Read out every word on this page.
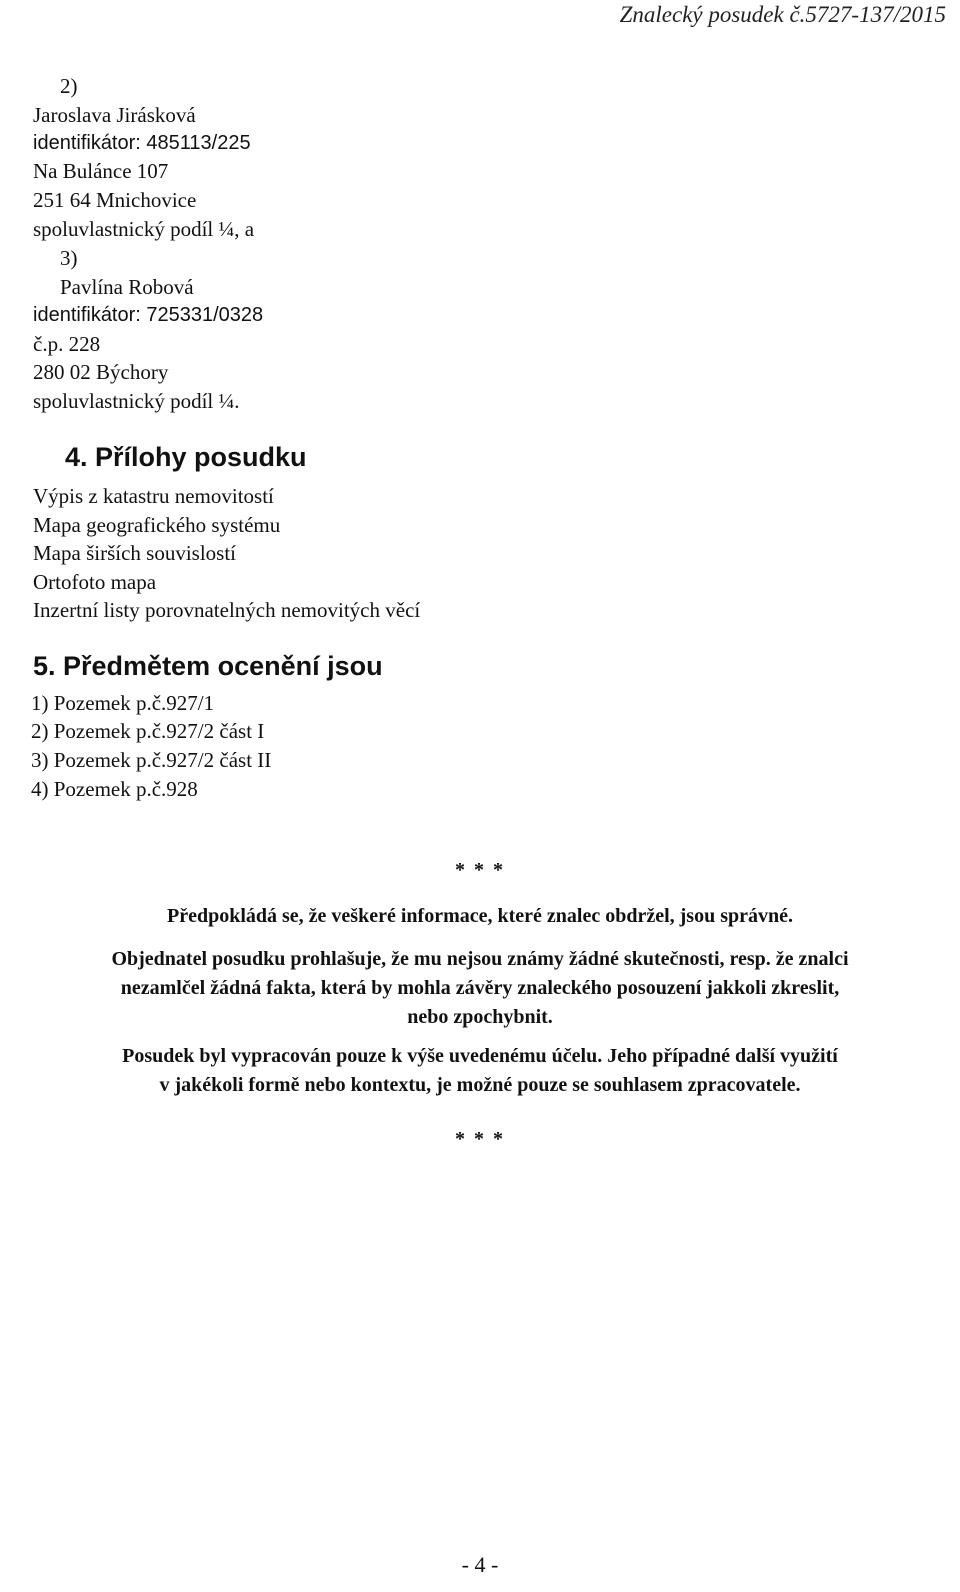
Znalecký posudek č.5727-137/2015
2)
Jaroslava Jirásková
identifikátor: 485113/225
Na Bulánce 107
251 64 Mnichovice
spoluvlastnický podíl ¼, a
3)
Pavlína Robová
identifikátor: 725331/0328
č.p. 228
280 02 Býchory
spoluvlastnický podíl ¼.
4. Přílohy posudku
Výpis z katastru nemovitostí
Mapa geografického systému
Mapa širších souvislostí
Ortofoto mapa
Inzertní listy porovnatelných nemovitých věcí
5. Předmětem ocenění jsou
1) Pozemek p.č.927/1
2) Pozemek p.č.927/2 část I
3) Pozemek p.č.927/2 část II
4) Pozemek p.č.928
* * *
Předpokládá se, že veškeré informace, které znalec obdržel, jsou správné.
Objednatel posudku prohlašuje, že mu nejsou známy žádné skutečnosti, resp. že znalci
nezamlčel žádná fakta, která by mohla závěry znaleckého posouzení jakkoli zkreslit,
nebo zpochybnit.
Posudek byl vypracován pouze k výše uvedenému účelu. Jeho případné další využití
v jakékoli formě nebo kontextu, je možné pouze se souhlasem zpracovatele.
* * *
- 4 -
